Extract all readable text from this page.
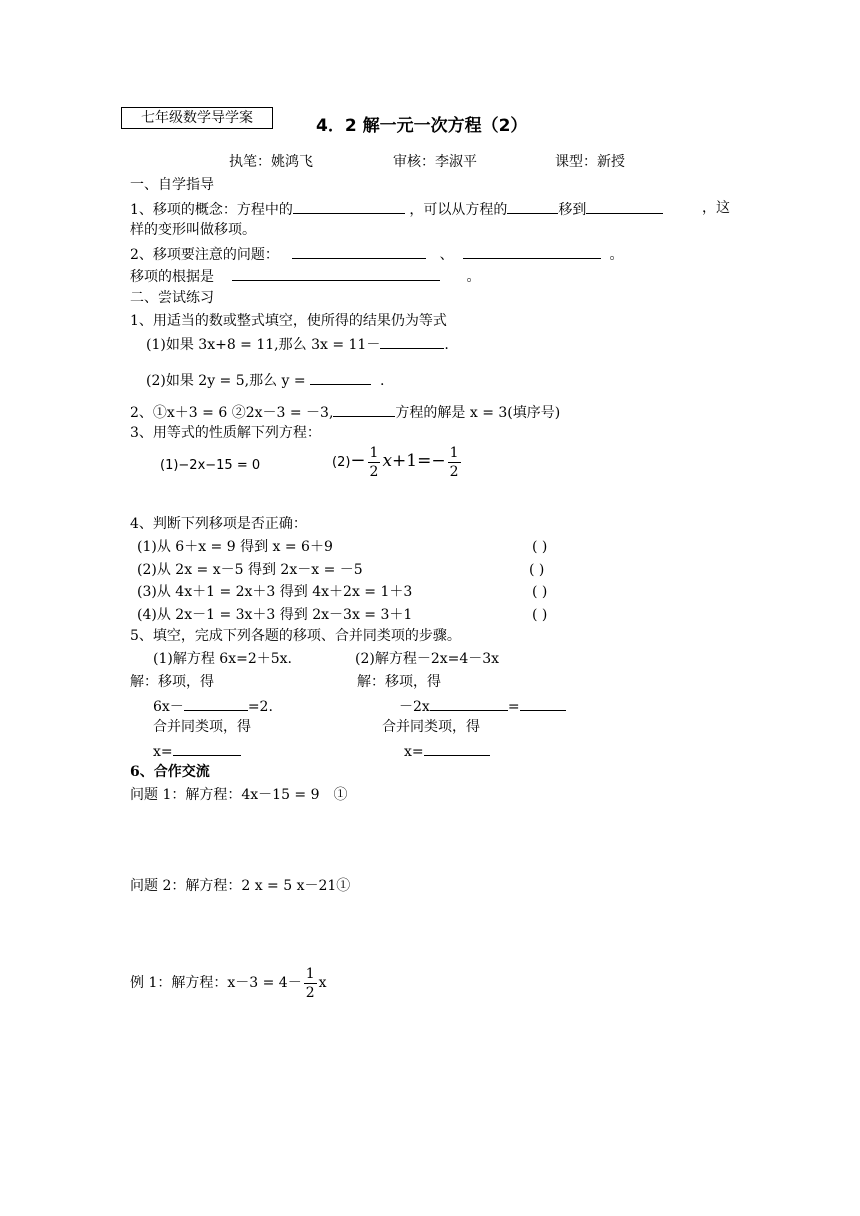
七年级数学导学案	4．2 解一元一次方程（2）
执笔：姚鸿飞	审核：李淑平	课型：新授
一、自学指导
1、移项的概念：方程中的	，可以从方程的	移到	，这
样的变形叫做移项。
2、移项要注意的问题：	、	。
移项的根据是	。
二、尝试练习
1、用适当的数或整式填空，使所得的结果仍为等式
(1)如果 3x+8 = 11,那么 3x = 11－	.
(2)如果 2y = 5,那么 y =	.
2、①x＋3 = 6 ②2x－3 = －3,	方程的解是 x = 3(填序号)
3、用等式的性质解下列方程：
(1)−2x−15 = 0	$(2)- \frac{1}{2} x+1=- \frac{1}{2}$
4、判断下列移项是否正确：
(1)从 6＋x = 9 得到 x = 6＋9	( )
(2)从 2x = x－5 得到 2x－x = －5	( )
(3)从 4x＋1 = 2x＋3 得到 4x＋2x = 1＋3	( )
(4)从 2x－1 = 3x＋3 得到 2x－3x = 3＋1	( )
5、填空，完成下列各题的移项、合并同类项的步骤。
(1)解方程 6x=2＋5x.	(2)解方程－2x=4－3x
解：移项，得	解：移项，得
6x－	=2.	－2x	=
合并同类项，得	合并同类项，得
x=	x=
6、合作交流
问题 1：解方程：4x－15 = 9　①
问题 2：解方程：2 x = 5 x－21①
例 1：解方程：$x-3 = 4- \frac{1}{2}$ x
